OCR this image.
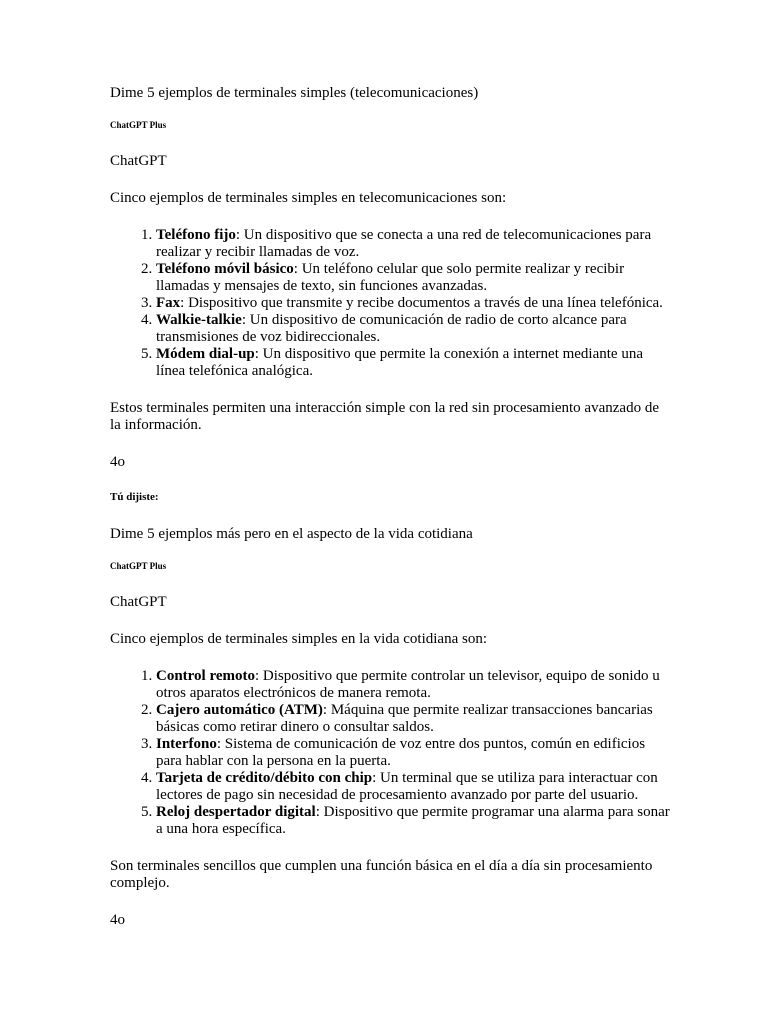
Dime 5 ejemplos de terminales simples (telecomunicaciones)

ChatGPT Plus

ChatGPT

Cinco ejemplos de terminales simples en telecomunicaciones son:

1. Teléfono fijo: Un dispositivo que se conecta a una red de telecomunicaciones para realizar y recibir llamadas de voz.
2. Teléfono móvil básico: Un teléfono celular que solo permite realizar y recibir llamadas y mensajes de texto, sin funciones avanzadas.
3. Fax: Dispositivo que transmite y recibe documentos a través de una línea telefónica.
4. Walkie-talkie: Un dispositivo de comunicación de radio de corto alcance para transmisiones de voz bidireccionales.
5. Módem dial-up: Un dispositivo que permite la conexión a internet mediante una línea telefónica analógica.

Estos terminales permiten una interacción simple con la red sin procesamiento avanzado de la información.

4o

Tú dijiste:

Dime 5 ejemplos más pero en el aspecto de la vida cotidiana

ChatGPT Plus

ChatGPT

Cinco ejemplos de terminales simples en la vida cotidiana son:

1. Control remoto: Dispositivo que permite controlar un televisor, equipo de sonido u otros aparatos electrónicos de manera remota.
2. Cajero automático (ATM): Máquina que permite realizar transacciones bancarias básicas como retirar dinero o consultar saldos.
3. Interfono: Sistema de comunicación de voz entre dos puntos, común en edificios para hablar con la persona en la puerta.
4. Tarjeta de crédito/débito con chip: Un terminal que se utiliza para interactuar con lectores de pago sin necesidad de procesamiento avanzado por parte del usuario.
5. Reloj despertador digital: Dispositivo que permite programar una alarma para sonar a una hora específica.

Son terminales sencillos que cumplen una función básica en el día a día sin procesamiento complejo.

4o
